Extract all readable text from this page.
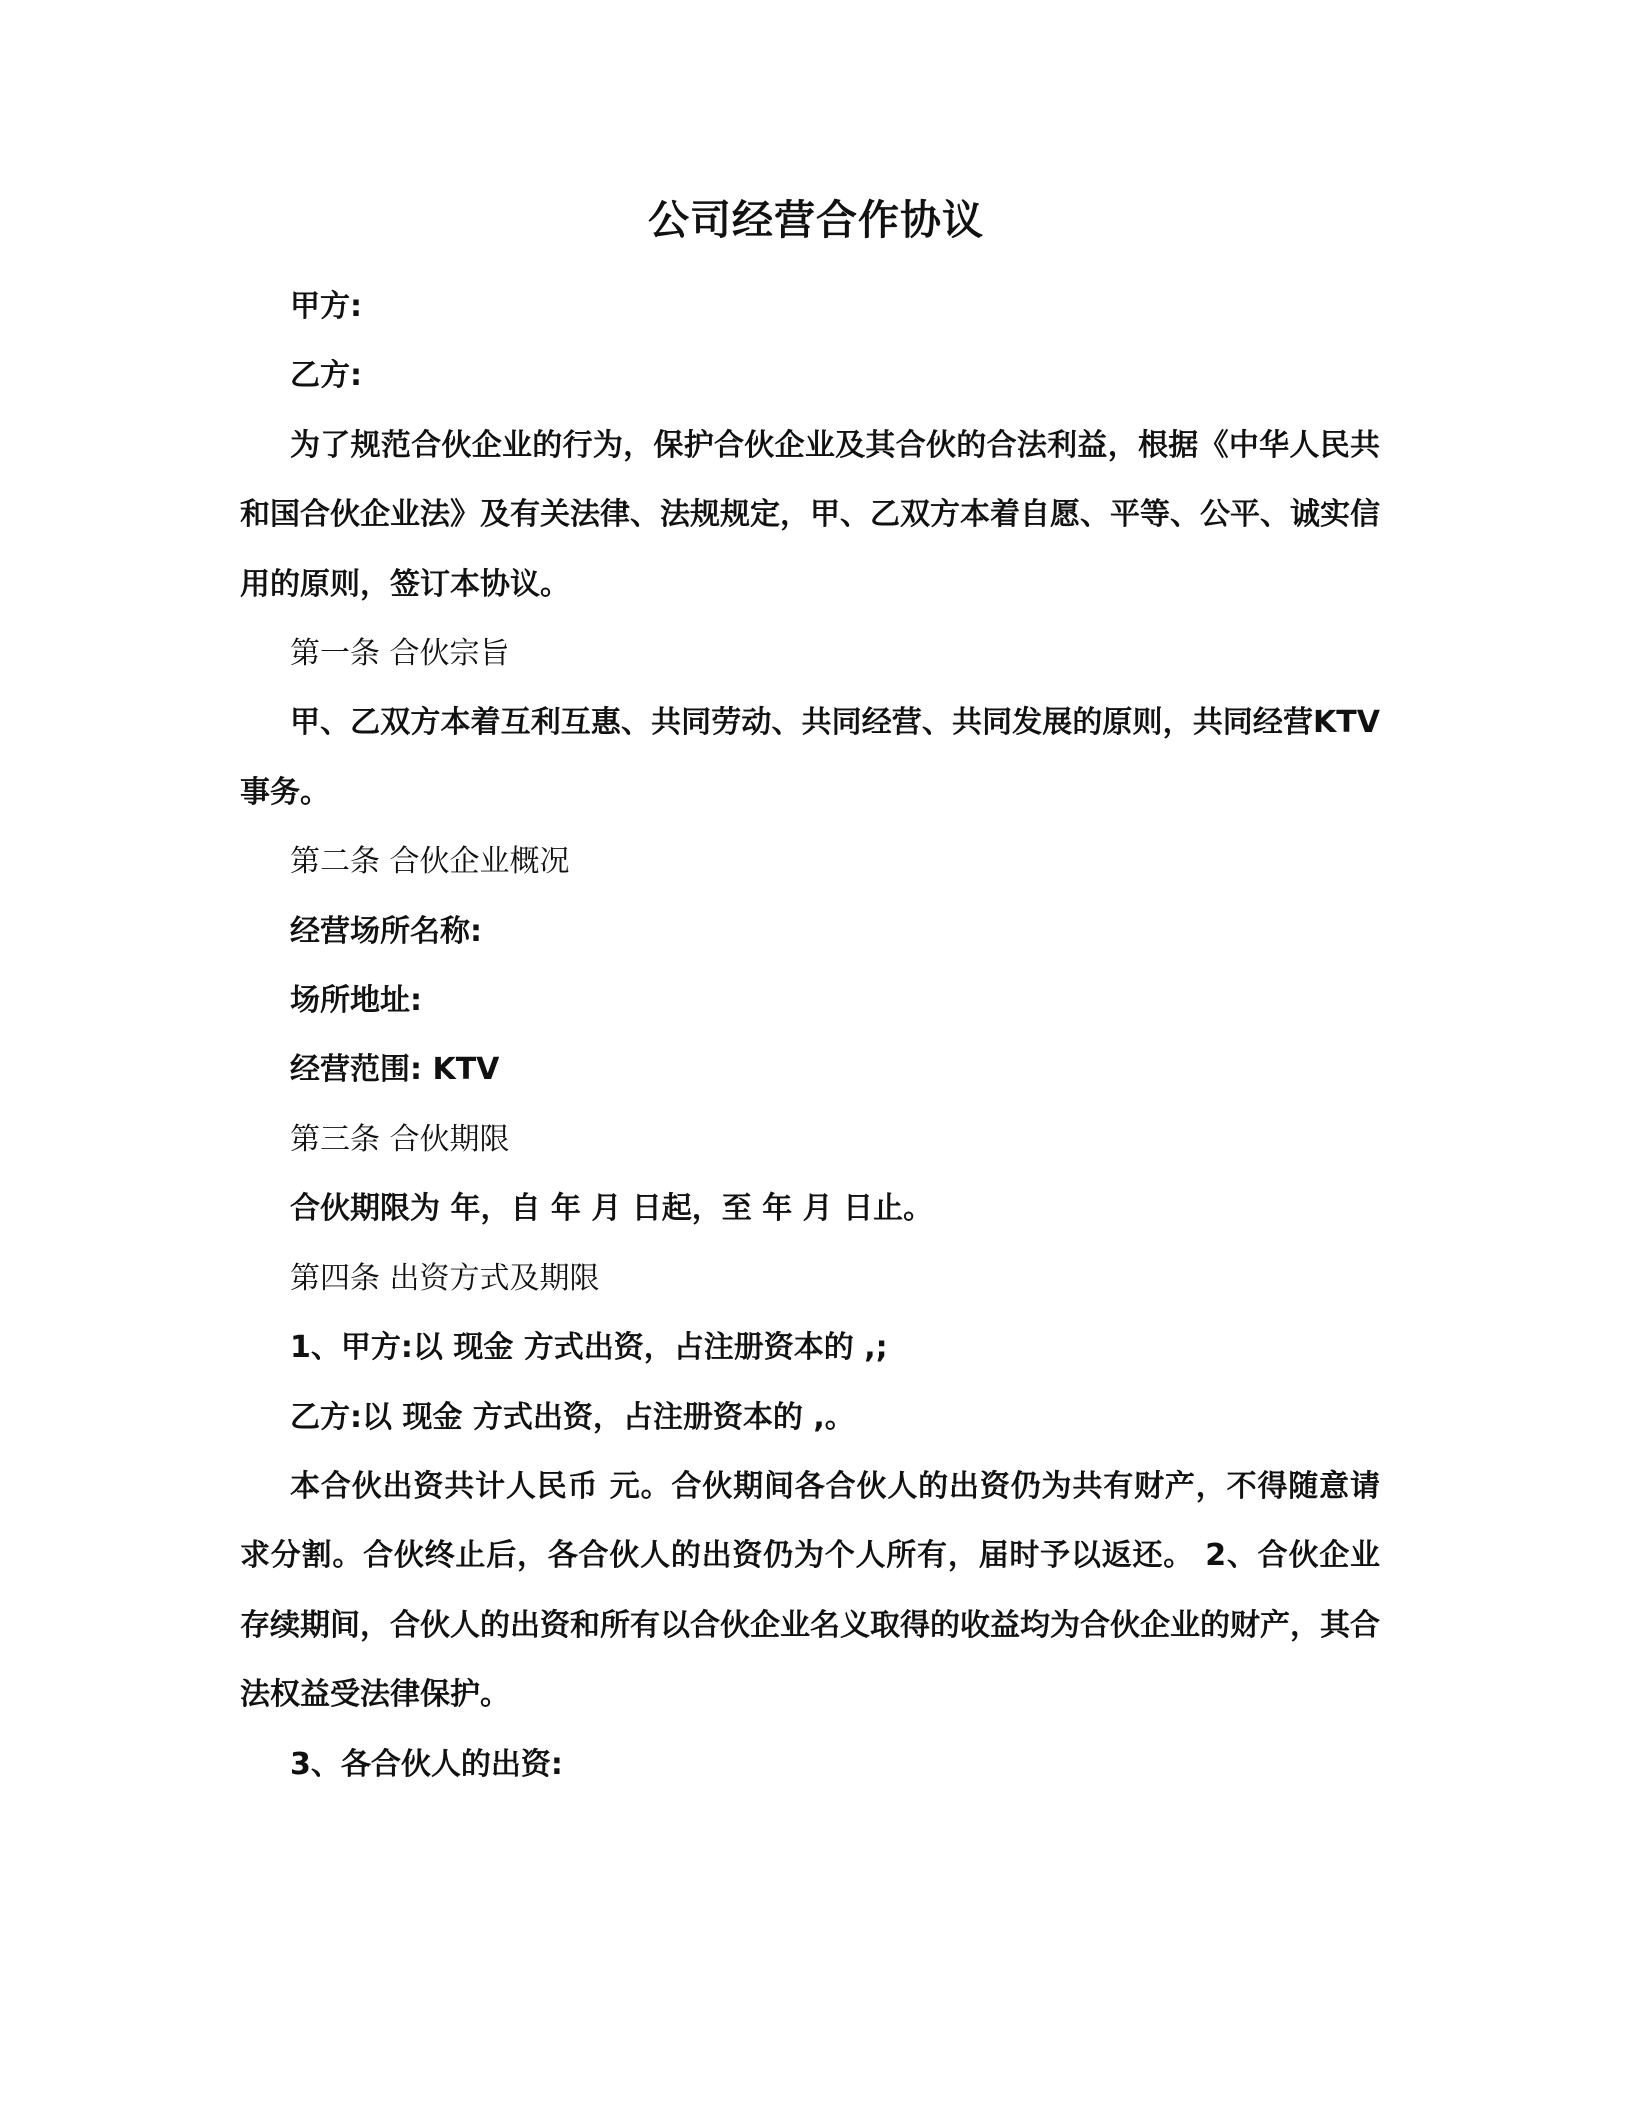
公司经营合作协议

甲方:

乙方:

为了规范合伙企业的行为，保护合伙企业及其合伙的合法利益，根据《中华人民共和国合伙企业法》及有关法律、法规规定，甲、乙双方本着自愿、平等、公平、诚实信用的原则，签订本协议。

第一条 合伙宗旨

甲、乙双方本着互利互惠、共同劳动、共同经营、共同发展的原则，共同经营KTV 事务。

第二条 合伙企业概况

经营场所名称:

场所地址:

经营范围: KTV

第三条 合伙期限

合伙期限为 年，自 年 月 日起，至 年 月 日止。

第四条 出资方式及期限

1、甲方:以 现金 方式出资，占注册资本的 ,;

乙方:以 现金 方式出资，占注册资本的 ,。

本合伙出资共计人民币 元。合伙期间各合伙人的出资仍为共有财产，不得随意请求分割。合伙终止后，各合伙人的出资仍为个人所有，届时予以返还。 2、合伙企业存续期间，合伙人的出资和所有以合伙企业名义取得的收益均为合伙企业的财产，其合法权益受法律保护。

3、各合伙人的出资:
